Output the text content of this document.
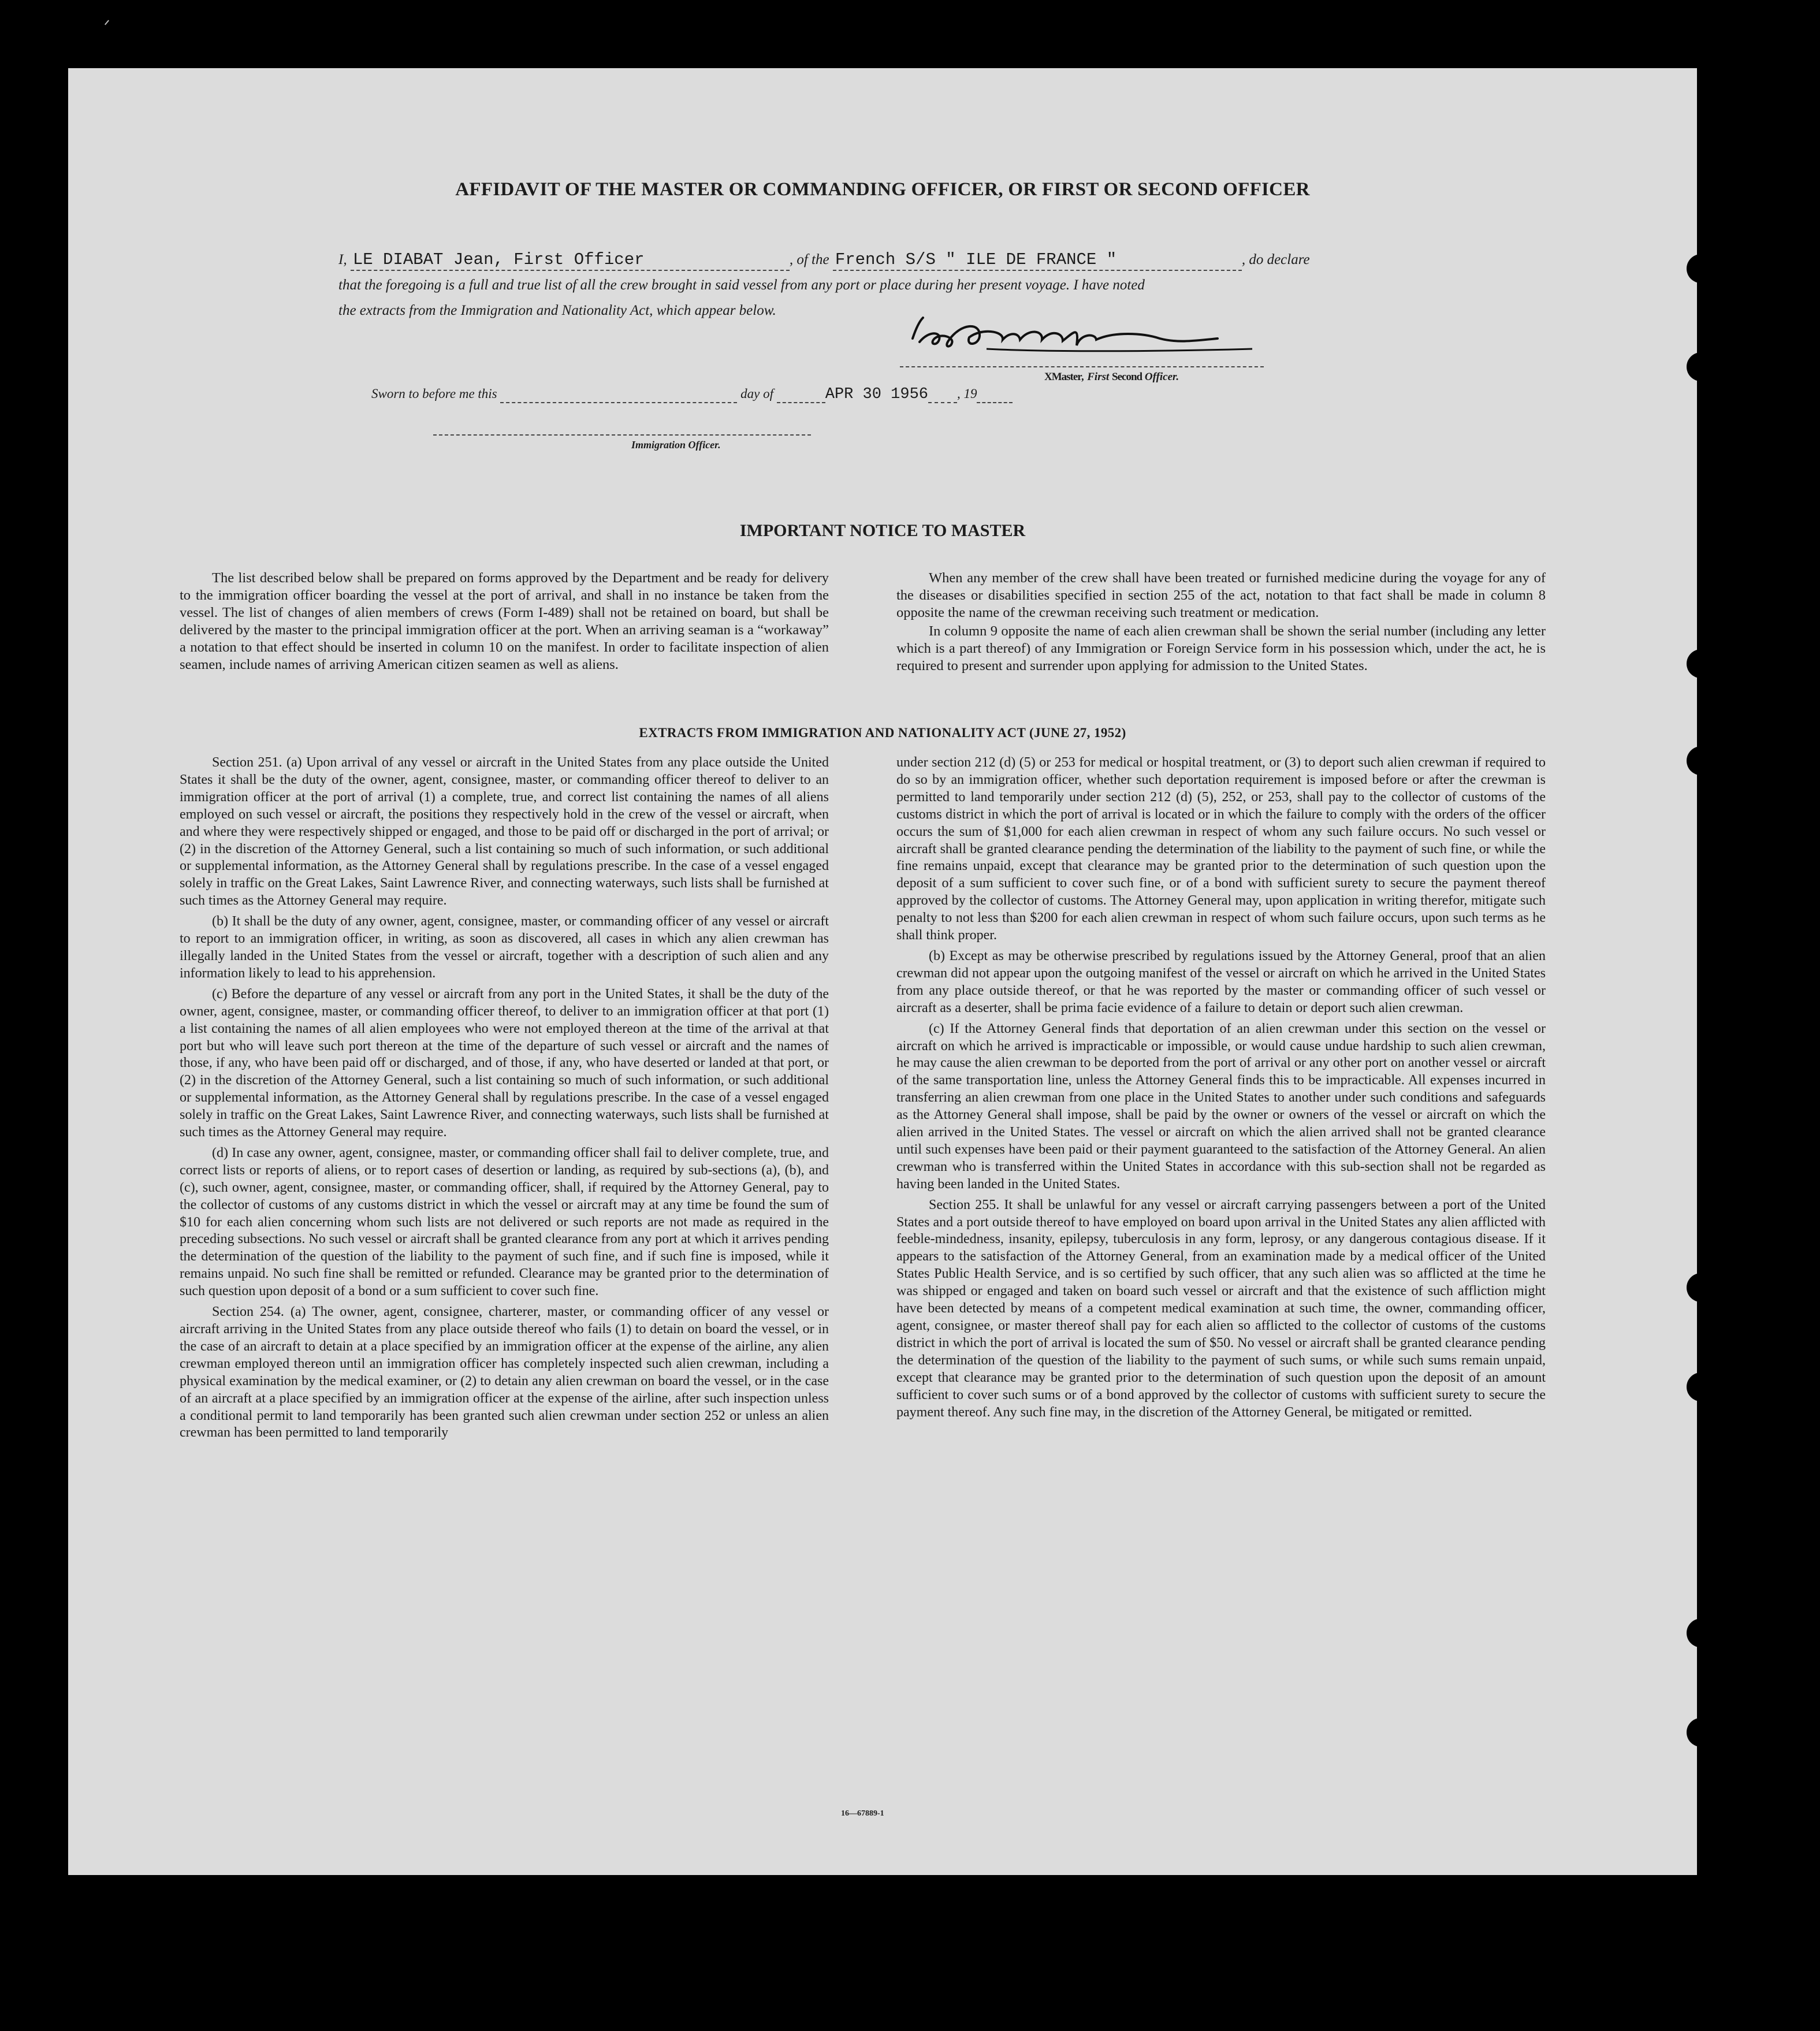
AFFIDAVIT OF THE MASTER OR COMMANDING OFFICER, OR FIRST OR SECOND OFFICER
I, LE DIABAT Jean, First Officer	, of the French S/S " ILE DE FRANCE "	, do declare
that the foregoing is a full and true list of all the crew brought in said vessel from any port or place during her present voyage. I have noted
the extracts from the Immigration and Nationality Act, which appear below.
XMaster, First Second Officer.
Sworn to before me this	day of	APR 30 1956 , 19
Immigration Officer.
IMPORTANT NOTICE TO MASTER

The list described below shall be prepared on forms approved by the Department and be ready for delivery to the immigration officer boarding the vessel at the port of arrival, and shall in no instance be taken from the vessel. The list of changes of alien members of crews (Form I-489) shall not be retained on board, but shall be delivered by the master to the principal immigration officer at the port. When an arriving seaman is a “workaway” a notation to that effect should be inserted in column 10 on the manifest. In order to facilitate inspection of alien seamen, include names of arriving American citizen seamen as well as aliens.

When any member of the crew shall have been treated or furnished medicine during the voyage for any of the diseases or disabilities specified in section 255 of the act, notation to that fact shall be made in column 8 opposite the name of the crewman receiving such treatment or medication.

In column 9 opposite the name of each alien crewman shall be shown the serial number (including any letter which is a part thereof) of any Immigration or Foreign Service form in his possession which, under the act, he is required to present and surrender upon applying for admission to the United States.

EXTRACTS FROM IMMIGRATION AND NATIONALITY ACT (JUNE 27, 1952)

Section 251. (a) Upon arrival of any vessel or aircraft in the United States from any place outside the United States it shall be the duty of the owner, agent, consignee, master, or commanding officer thereof to deliver to an immigration officer at the port of arrival (1) a complete, true, and correct list containing the names of all aliens employed on such vessel or aircraft, the positions they respectively hold in the crew of the vessel or aircraft, when and where they were respectively shipped or engaged, and those to be paid off or discharged in the port of arrival; or (2) in the discretion of the Attorney General, such a list containing so much of such information, or such additional or supplemental information, as the Attorney General shall by regulations prescribe. In the case of a vessel engaged solely in traffic on the Great Lakes, Saint Lawrence River, and connecting waterways, such lists shall be furnished at such times as the Attorney General may require.

(b) It shall be the duty of any owner, agent, consignee, master, or commanding officer of any vessel or aircraft to report to an immigration officer, in writing, as soon as discovered, all cases in which any alien crewman has illegally landed in the United States from the vessel or aircraft, together with a description of such alien and any information likely to lead to his apprehension.

(c) Before the departure of any vessel or aircraft from any port in the United States, it shall be the duty of the owner, agent, consignee, master, or commanding officer thereof, to deliver to an immigration officer at that port (1) a list containing the names of all alien employees who were not employed thereon at the time of the arrival at that port but who will leave such port thereon at the time of the departure of such vessel or aircraft and the names of those, if any, who have been paid off or discharged, and of those, if any, who have deserted or landed at that port, or (2) in the discretion of the Attorney General, such a list containing so much of such information, or such additional or supplemental information, as the Attorney General shall by regulations prescribe. In the case of a vessel engaged solely in traffic on the Great Lakes, Saint Lawrence River, and connecting waterways, such lists shall be furnished at such times as the Attorney General may require.

(d) In case any owner, agent, consignee, master, or commanding officer shall fail to deliver complete, true, and correct lists or reports of aliens, or to report cases of desertion or landing, as required by sub-sections (a), (b), and (c), such owner, agent, consignee, master, or commanding officer, shall, if required by the Attorney General, pay to the collector of customs of any customs district in which the vessel or aircraft may at any time be found the sum of $10 for each alien concerning whom such lists are not delivered or such reports are not made as required in the preceding subsections. No such vessel or aircraft shall be granted clearance from any port at which it arrives pending the determination of the question of the liability to the payment of such fine, and if such fine is imposed, while it remains unpaid. No such fine shall be remitted or refunded. Clearance may be granted prior to the determination of such question upon deposit of a bond or a sum sufficient to cover such fine.

Section 254. (a) The owner, agent, consignee, charterer, master, or commanding officer of any vessel or aircraft arriving in the United States from any place outside thereof who fails (1) to detain on board the vessel, or in the case of an aircraft to detain at a place specified by an immigration officer at the expense of the airline, any alien crewman employed thereon until an immigration officer has completely inspected such alien crewman, including a physical examination by the medical examiner, or (2) to detain any alien crewman on board the vessel, or in the case of an aircraft at a place specified by an immigration officer at the expense of the airline, after such inspection unless a conditional permit to land temporarily has been granted such alien crewman under section 252 or unless an alien crewman has been permitted to land temporarily

under section 212 (d) (5) or 253 for medical or hospital treatment, or (3) to deport such alien crewman if required to do so by an immigration officer, whether such deportation requirement is imposed before or after the crewman is permitted to land temporarily under section 212 (d) (5), 252, or 253, shall pay to the collector of customs of the customs district in which the port of arrival is located or in which the failure to comply with the orders of the officer occurs the sum of $1,000 for each alien crewman in respect of whom any such failure occurs. No such vessel or aircraft shall be granted clearance pending the determination of the liability to the payment of such fine, or while the fine remains unpaid, except that clearance may be granted prior to the determination of such question upon the deposit of a sum sufficient to cover such fine, or of a bond with sufficient surety to secure the payment thereof approved by the collector of customs. The Attorney General may, upon application in writing therefor, mitigate such penalty to not less than $200 for each alien crewman in respect of whom such failure occurs, upon such terms as he shall think proper.

(b) Except as may be otherwise prescribed by regulations issued by the Attorney General, proof that an alien crewman did not appear upon the outgoing manifest of the vessel or aircraft on which he arrived in the United States from any place outside thereof, or that he was reported by the master or commanding officer of such vessel or aircraft as a deserter, shall be prima facie evidence of a failure to detain or deport such alien crewman.

(c) If the Attorney General finds that deportation of an alien crewman under this section on the vessel or aircraft on which he arrived is impracticable or impossible, or would cause undue hardship to such alien crewman, he may cause the alien crewman to be deported from the port of arrival or any other port on another vessel or aircraft of the same transportation line, unless the Attorney General finds this to be impracticable. All expenses incurred in transferring an alien crewman from one place in the United States to another under such conditions and safeguards as the Attorney General shall impose, shall be paid by the owner or owners of the vessel or aircraft on which the alien arrived in the United States. The vessel or aircraft on which the alien arrived shall not be granted clearance until such expenses have been paid or their payment guaranteed to the satisfaction of the Attorney General. An alien crewman who is transferred within the United States in accordance with this sub-section shall not be regarded as having been landed in the United States.

Section 255. It shall be unlawful for any vessel or aircraft carrying passengers between a port of the United States and a port outside thereof to have employed on board upon arrival in the United States any alien afflicted with feeble-mindedness, insanity, epilepsy, tuberculosis in any form, leprosy, or any dangerous contagious disease. If it appears to the satisfaction of the Attorney General, from an examination made by a medical officer of the United States Public Health Service, and is so certified by such officer, that any such alien was so afflicted at the time he was shipped or engaged and taken on board such vessel or aircraft and that the existence of such affliction might have been detected by means of a competent medical examination at such time, the owner, commanding officer, agent, consignee, or master thereof shall pay for each alien so afflicted to the collector of customs of the customs district in which the port of arrival is located the sum of $50. No vessel or aircraft shall be granted clearance pending the determination of the question of the liability to the payment of such sums, or while such sums remain unpaid, except that clearance may be granted prior to the determination of such question upon the deposit of an amount sufficient to cover such sums or of a bond approved by the collector of customs with sufficient surety to secure the payment thereof. Any such fine may, in the discretion of the Attorney General, be mitigated or remitted.

16—67889-1
